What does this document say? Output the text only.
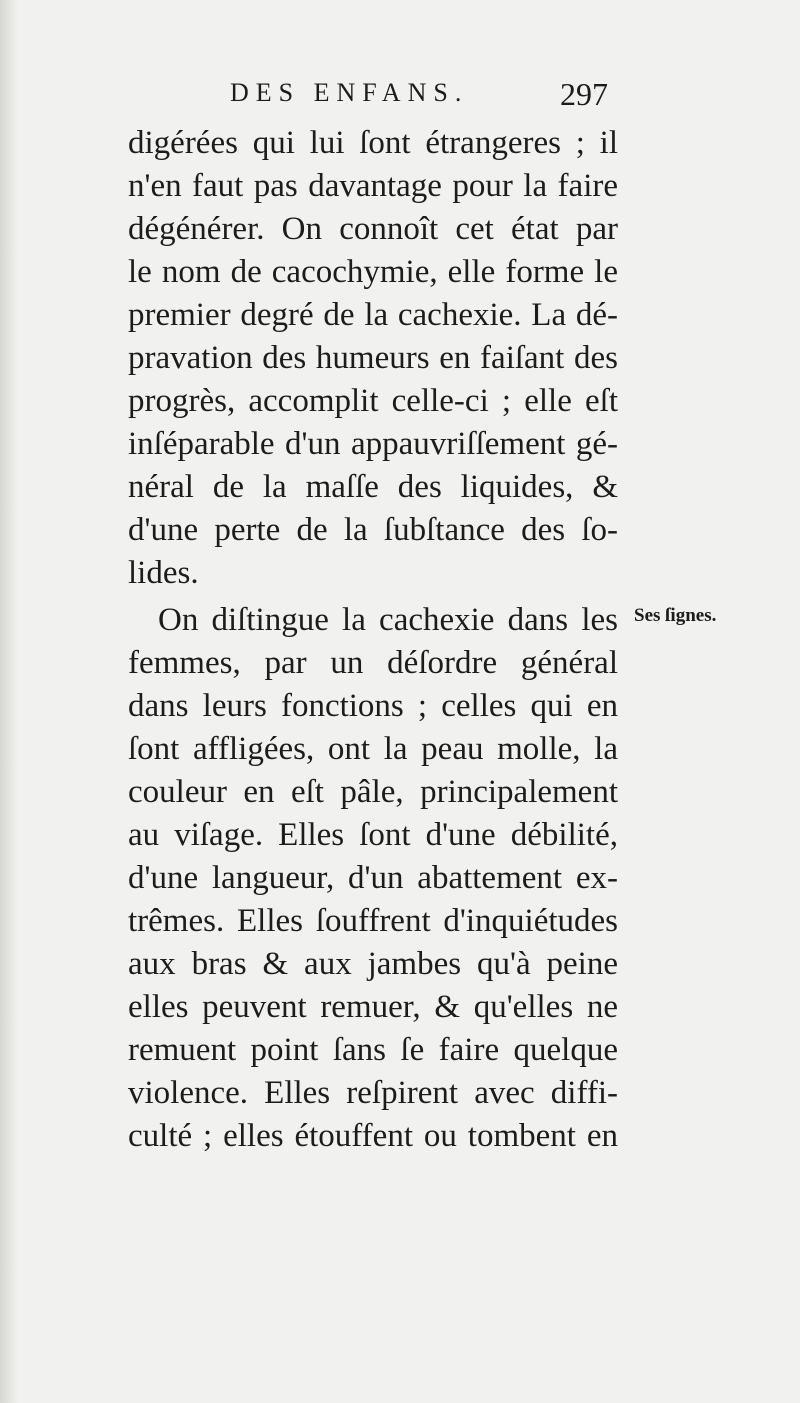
DES ENFANS.	297
digérées qui lui ſont étrangeres ; il
n'en faut pas davantage pour la faire
dégénérer. On connoît cet état par
le nom de cacochymie, elle forme le
premier degré de la cachexie. La dé-
pravation des humeurs en faiſant des
progrès, accomplit celle-ci ; elle eſt
inſéparable d'un appauvriſſement gé-
néral de la maſſe des liquides, &
d'une perte de la ſubſtance des ſo-
lides.
On diſtingue la cachexie dans les
femmes, par un déſordre général
dans leurs fonctions ; celles qui en
ſont affligées, ont la peau molle, la
couleur en eſt pâle, principalement
au viſage. Elles ſont d'une débilité,
d'une langueur, d'un abattement ex-
trêmes. Elles ſouffrent d'inquiétudes
aux bras & aux jambes qu'à peine
elles peuvent remuer, & qu'elles ne
remuent point ſans ſe faire quelque
violence. Elles reſpirent avec diffi-
culté ; elles étouffent ou tombent en
Ses ſignes.
